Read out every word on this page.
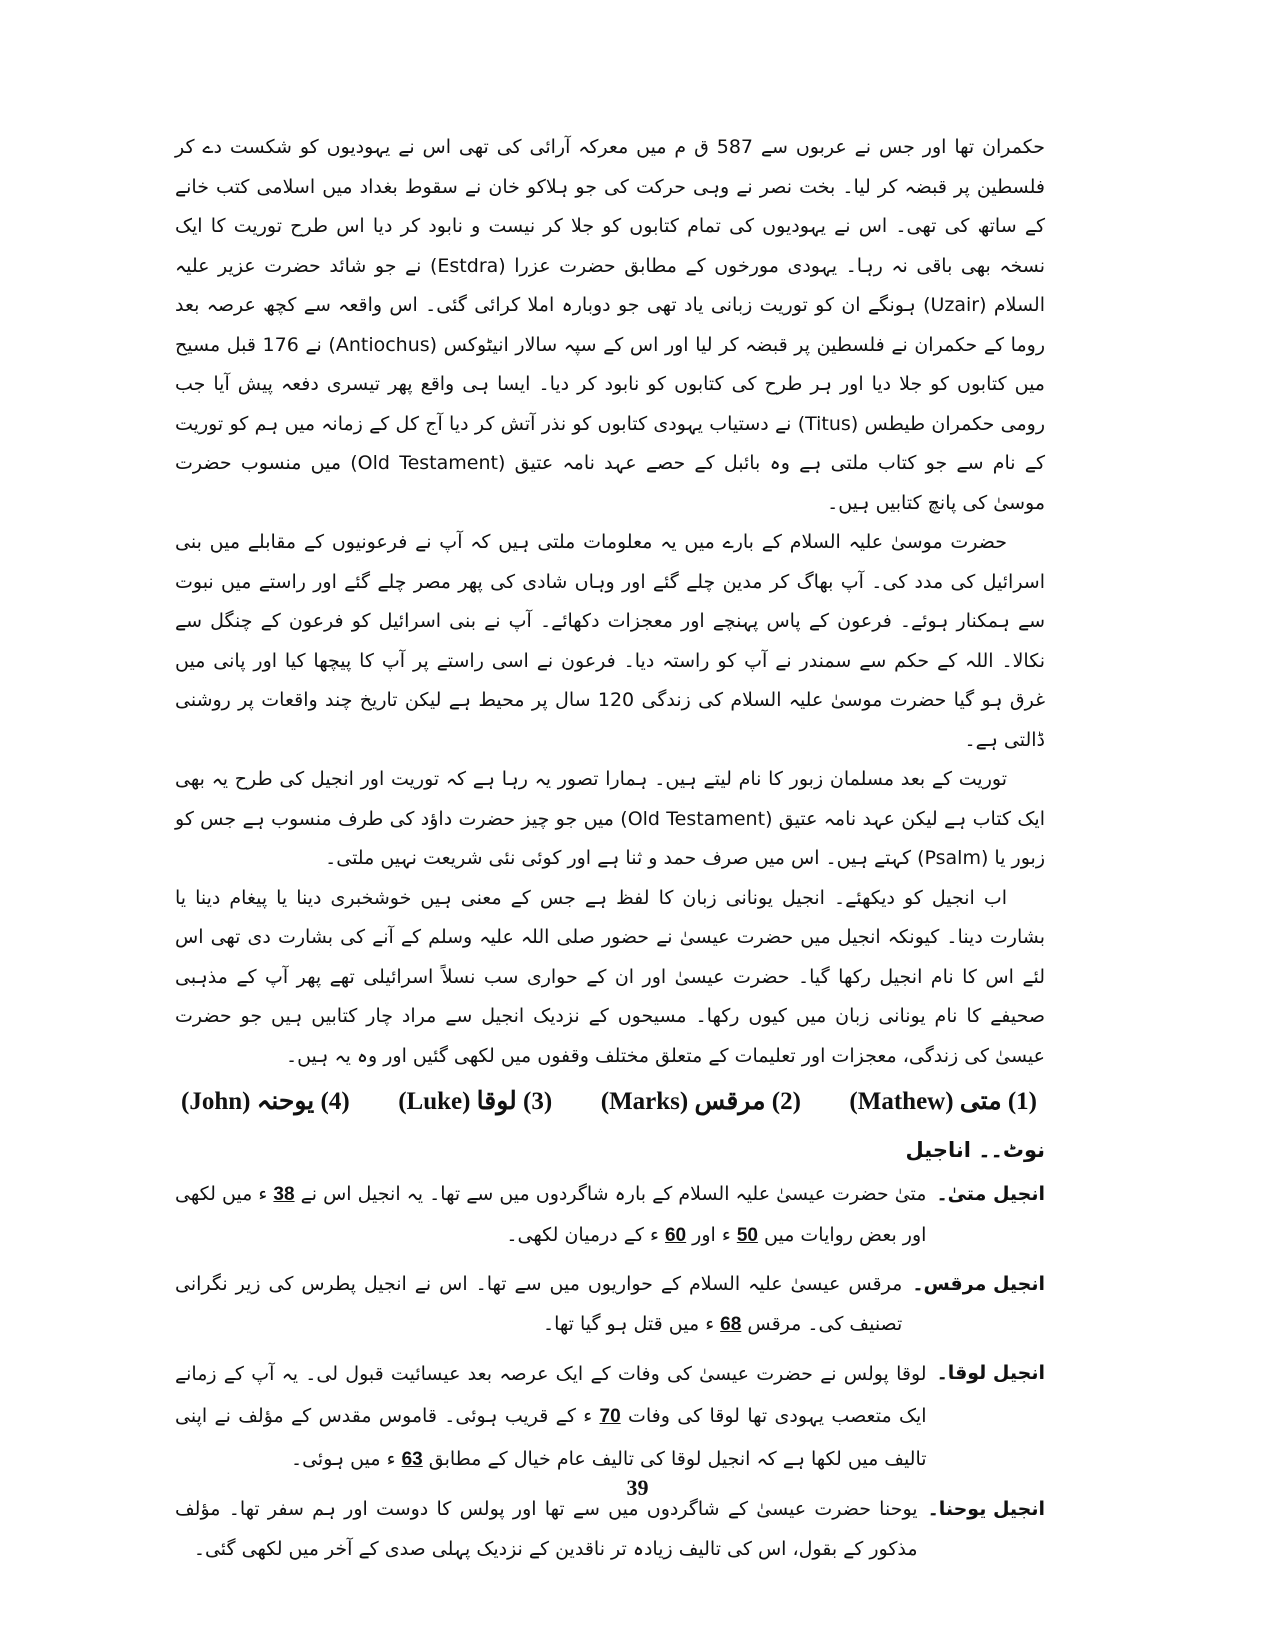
حکمران تھا اور جس نے عربوں سے 587 ق م میں معرکہ آرائی کی تھی اس نے یہودیوں کو شکست دے کر فلسطین پر قبضہ کر لیا۔ بخت نصر نے وہی حرکت کی جو ہلاکو خان نے سقوط بغداد میں اسلامی کتب خانے کے ساتھ کی تھی۔ اس نے یہودیوں کی تمام کتابوں کو جلا کر نیست و نابود کر دیا اس طرح توریت کا ایک نسخہ بھی باقی نہ رہا۔ یہودی مورخوں کے مطابق حضرت عزرا (Estdra) نے جو شائد حضرت عزیر علیہ السلام (Uzair) ہونگے ان کو توریت زبانی یاد تھی جو دوبارہ املا کرائی گئی۔ اس واقعہ سے کچھ عرصہ بعد روما کے حکمران نے فلسطین پر قبضہ کر لیا اور اس کے سپہ سالار انیٹوکس (Antiochus) نے 176 قبل مسیح میں کتابوں کو جلا دیا اور ہر طرح کی کتابوں کو نابود کر دیا۔ ایسا ہی واقع پھر تیسری دفعہ پیش آیا جب رومی حکمران طیطس (Titus) نے دستیاب یہودی کتابوں کو نذر آتش کر دیا آج کل کے زمانہ میں ہم کو توریت کے نام سے جو کتاب ملتی ہے وہ بائبل کے حصے عہد نامہ عتیق (Old Testament) میں منسوب حضرت موسیٰ کی پانچ کتابیں ہیں۔

حضرت موسیٰ علیہ السلام کے بارے میں یہ معلومات ملتی ہیں کہ آپ نے فرعونیوں کے مقابلے میں بنی اسرائیل کی مدد کی۔ آپ بھاگ کر مدین چلے گئے اور وہاں شادی کی پھر مصر چلے گئے اور راستے میں نبوت سے ہمکنار ہوئے۔ فرعون کے پاس پہنچے اور معجزات دکھائے۔ آپ نے بنی اسرائیل کو فرعون کے چنگل سے نکالا۔ اللہ کے حکم سے سمندر نے آپ کو راستہ دیا۔ فرعون نے اسی راستے پر آپ کا پیچھا کیا اور پانی میں غرق ہو گیا حضرت موسیٰ علیہ السلام کی زندگی 120 سال پر محیط ہے لیکن تاریخ چند واقعات پر روشنی ڈالتی ہے۔

توریت کے بعد مسلمان زبور کا نام لیتے ہیں۔ ہمارا تصور یہ رہا ہے کہ توریت اور انجیل کی طرح یہ بھی ایک کتاب ہے لیکن عہد نامہ عتیق (Old Testament) میں جو چیز حضرت داؤد کی طرف منسوب ہے جس کو زبور یا (Psalm) کہتے ہیں۔ اس میں صرف حمد و ثنا ہے اور کوئی نئی شریعت نہیں ملتی۔

اب انجیل کو دیکھئے۔ انجیل یونانی زبان کا لفظ ہے جس کے معنی ہیں خوشخبری دینا یا پیغام دینا یا بشارت دینا۔ کیونکہ انجیل میں حضرت عیسیٰ نے حضور صلی اللہ علیہ وسلم کے آنے کی بشارت دی تھی اس لئے اس کا نام انجیل رکھا گیا۔ حضرت عیسیٰ اور ان کے حواری سب نسلاً اسرائیلی تھے پھر آپ کے مذہبی صحیفے کا نام یونانی زبان میں کیوں رکھا۔ مسیحوں کے نزدیک انجیل سے مراد چار کتابیں ہیں جو حضرت عیسیٰ کی زندگی، معجزات اور تعلیمات کے متعلق مختلف وقفوں میں لکھی گئیں اور وہ یہ ہیں۔

(1) متی (Mathew)
(2) مرقس (Marks)
(3) لوقا (Luke)
(4) یوحنہ (John)
نوٹ۔۔ اناجیل
انجیل متیٰ۔
متیٰ حضرت عیسیٰ علیہ السلام کے بارہ شاگردوں میں سے تھا۔ یہ انجیل اس نے 38 ء میں لکھی اور بعض روایات میں 50 ء اور 60 ء کے درمیان لکھی۔
انجیل مرقس۔
مرقس عیسیٰ علیہ السلام کے حواریوں میں سے تھا۔ اس نے انجیل پطرس کی زیر نگرانی تصنیف کی۔ مرقس 68 ء میں قتل ہو گیا تھا۔
انجیل لوقا۔
لوقا پولس نے حضرت عیسیٰ کی وفات کے ایک عرصہ بعد عیسائیت قبول لی۔ یہ آپ کے زمانے ایک متعصب یہودی تھا لوقا کی وفات 70 ء کے قریب ہوئی۔ قاموس مقدس کے مؤلف نے اپنی تالیف میں لکھا ہے کہ انجیل لوقا کی تالیف عام خیال کے مطابق 63 ء میں ہوئی۔
انجیل یوحنا۔
یوحنا حضرت عیسیٰ کے شاگردوں میں سے تھا اور پولس کا دوست اور ہم سفر تھا۔ مؤلف مذکور کے بقول، اس کی تالیف زیادہ تر ناقدین کے نزدیک پہلی صدی کے آخر میں لکھی گئی۔
39
